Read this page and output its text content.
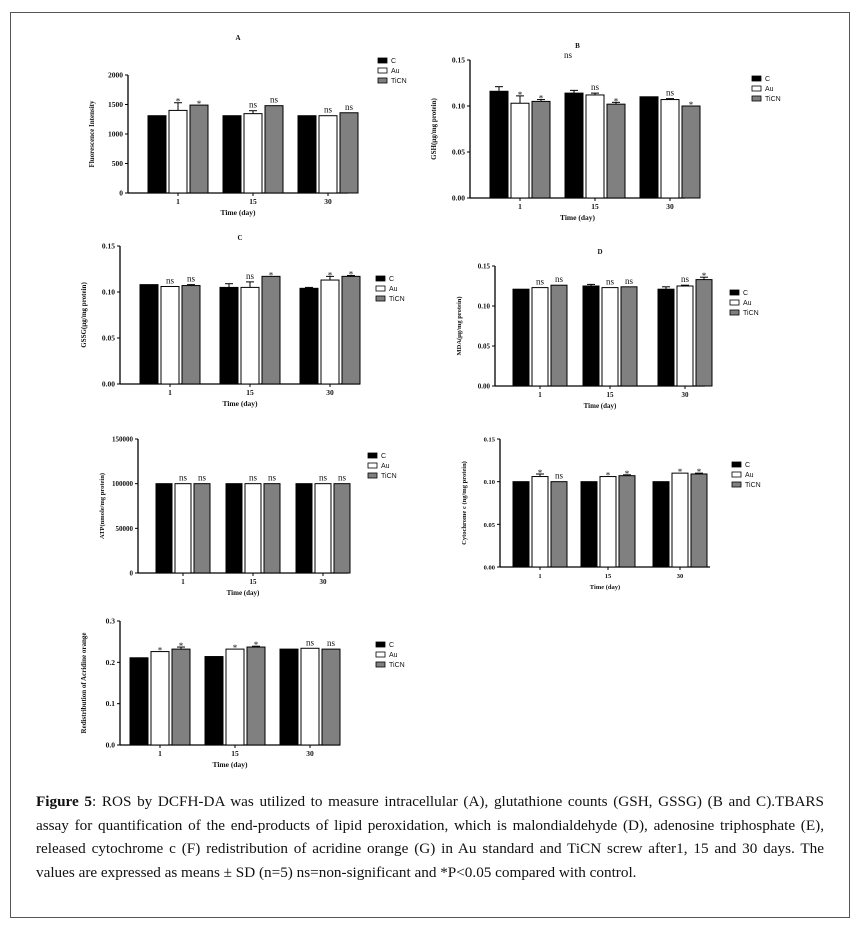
A
0
500
1000
1500
2000
Fluorescence Intensity
Time (day)
1
* *
15
ns
ns
30
ns ns
C
Au
TiCN
B
0.00
0.05
0.10
0.15
GSH(µg/mg protein)
Time (day)
1
* *
15
ns
*
30
ns
*
ns
C
Au
TiCN
C
0.00
0.05
0.10
0.15
GSSG(µg/mg protein)
Time (day)
1
ns ns
15
ns *
30
* *
C
Au
TiCN
D
0.00
0.05
0.10
0.15
MDA(µg/mg protein)
Time (day)
1
ns ns
15
ns ns
30
ns *
C
Au
TiCN
0
50000
100000
150000
ATP(nmole/mg protein)
Time (day)
1
ns ns
15
ns ns
30
ns ns
C
Au
TiCN
0.00
0.05
0.10
0.15
Cytochrome c (ng/mg protein)
Time (day)
1
* ns
15
* *
30
* *
C
Au
TiCN
0.0
0.1
0.2
0.3
Redistribution of Acridine orange
Time (day)
1
* *
15
* *
30
ns ns	C
Au
TiCN
Figure 5: ROS by DCFH-DA was utilized to measure intracellular (A), glutathione counts (GSH, GSSG) (B and C).TBARS assay for quantification of the end-products of lipid peroxidation, which is malondialdehyde (D), adenosine triphosphate (E), released cytochrome c (F) redistribution of acridine orange (G) in Au standard and TiCN screw after1, 15 and 30 days. The values are expressed as means ± SD (n=5) ns=non-significant and *P<0.05 compared with control.
